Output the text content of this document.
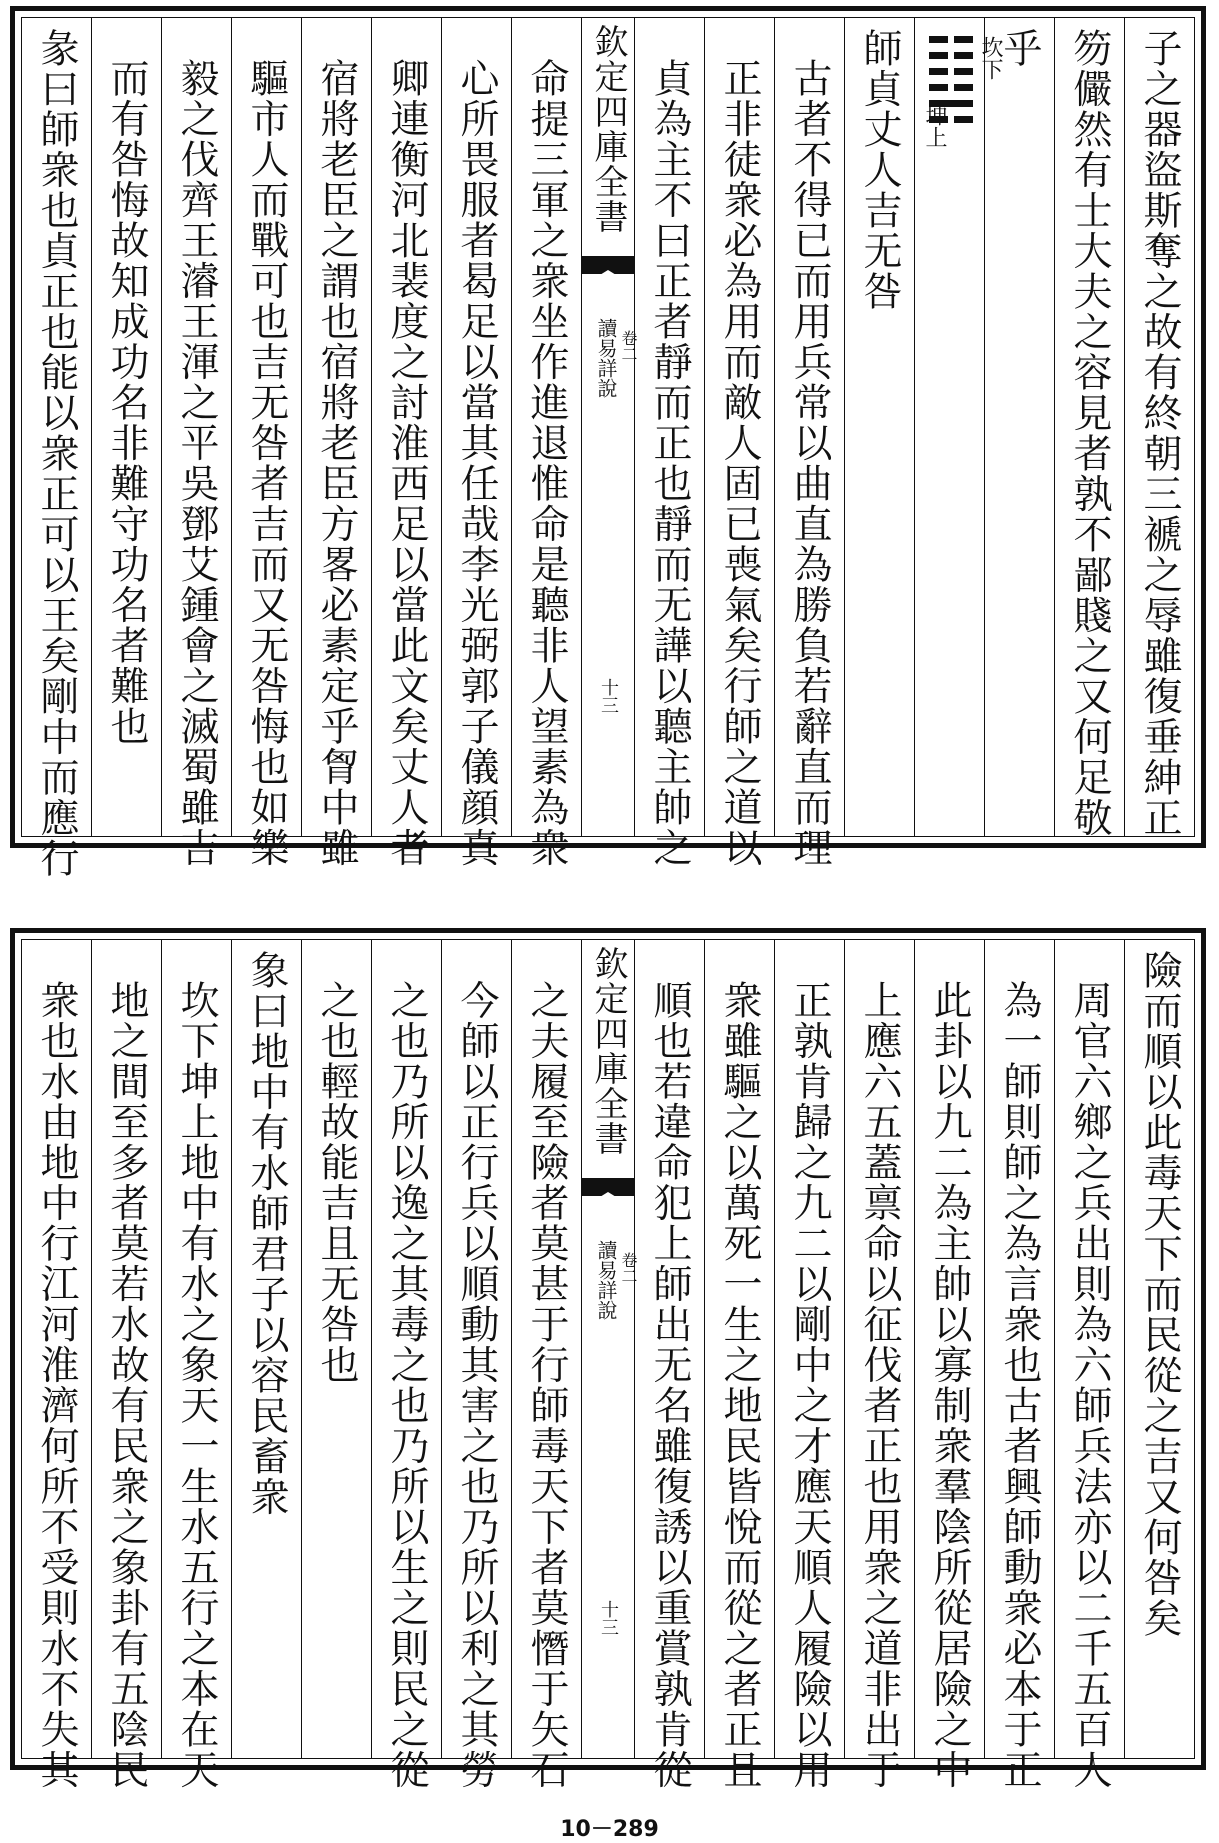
子之器盜斯奪之故有終朝三褫之辱雖復垂紳正
笏儼然有士大夫之容見者孰不鄙賤之又何足敬
乎
坎下
坤上
師貞丈人吉无咎
古者不得已而用兵常以曲直為勝負若辭直而理
正非徒衆必為用而敵人固已喪氣矣行師之道以
貞為主不曰正者靜而正也靜而无譁以聽主帥之
欽定四庫全書
讀易詳說 卷二
十三
命提三軍之衆坐作進退惟命是聽非人望素為衆
心所畏服者曷足以當其任哉李光弼郭子儀顔真
卿連衡河北裴度之討淮西足以當此文矣丈人者
宿將老臣之謂也宿將老臣方畧必素定乎胷中雖
驅市人而戰可也吉无咎者吉而又无咎悔也如樂
毅之伐齊王濬王渾之平吳鄧艾鍾會之滅蜀雖吉
而有咎悔故知成功名非難守功名者難也
彖曰師衆也貞正也能以衆正可以王矣剛中而應行
險而順以此毒天下而民從之吉又何咎矣
周官六鄉之兵出則為六師兵法亦以二千五百人
為一師則師之為言衆也古者興師動衆必本于正
此卦以九二為主帥以寡制衆羣陰所從居險之中
上應六五蓋禀命以征伐者正也用衆之道非出于
正孰肯歸之九二以剛中之才應天順人履險以用
衆雖驅之以萬死一生之地民皆悅而從之者正且
順也若違命犯上師出无名雖復誘以重賞孰肯從
欽定四庫全書
讀易詳說 卷二
十三
之夫履至險者莫甚于行師毒天下者莫憯于矢石
今師以正行兵以順動其害之也乃所以利之其勞
之也乃所以逸之其毒之也乃所以生之則民之從
之也輕故能吉且无咎也
象曰地中有水師君子以容民畜衆
坎下坤上地中有水之象天一生水五行之本在天
地之間至多者莫若水故有民衆之象卦有五陰民
衆也水由地中行江河淮濟何所不受則水不失其
10－289
